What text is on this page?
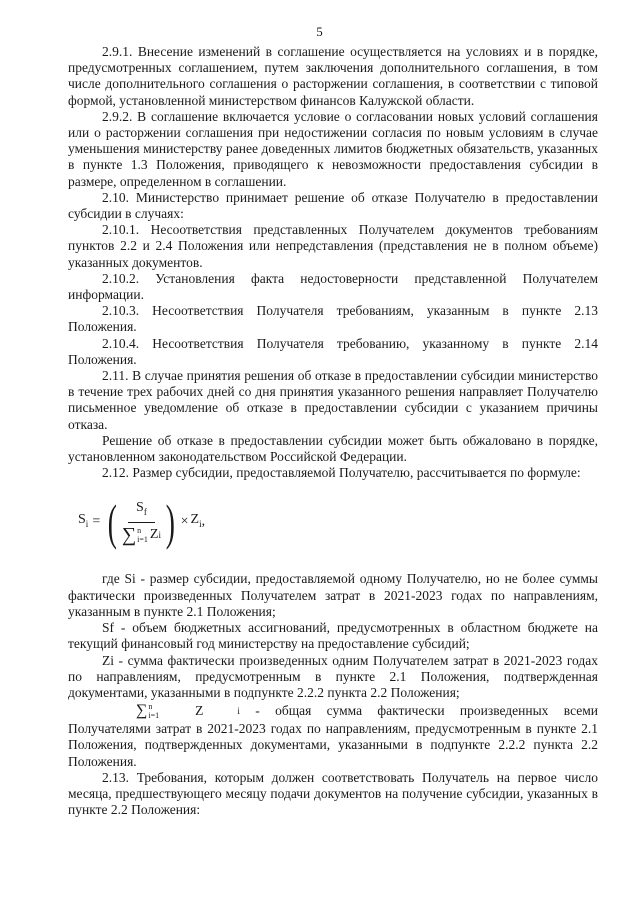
5

2.9.1. Внесение изменений в соглашение осуществляется на условиях и в порядке, предусмотренных соглашением, путем заключения дополнительного соглашения, в том числе дополнительного соглашения о расторжении соглашения, в соответствии с типовой формой, установленной министерством финансов Калужской области.

2.9.2. В соглашение включается условие о согласовании новых условий соглашения или о расторжении соглашения при недостижении согласия по новым условиям в случае уменьшения министерству ранее доведенных лимитов бюджетных обязательств, указанных в пункте 1.3 Положения, приводящего к невозможности предоставления субсидии в размере, определенном в соглашении.

2.10. Министерство принимает решение об отказе Получателю в предоставлении субсидии в случаях:

2.10.1. Несоответствия представленных Получателем документов требованиям пунктов 2.2 и 2.4 Положения или непредставления (представления не в полном объеме) указанных документов.

2.10.2. Установления факта недостоверности представленной Получателем информации.

2.10.3. Несоответствия Получателя требованиям, указанным в пункте 2.13 Положения.

2.10.4. Несоответствия Получателя требованию, указанному в пункте 2.14 Положения.

2.11. В случае принятия решения об отказе в предоставлении субсидии министерство в течение трех рабочих дней со дня принятия указанного решения направляет Получателю письменное уведомление об отказе в предоставлении субсидии с указанием причины отказа.

Решение об отказе в предоставлении субсидии может быть обжаловано в порядке, установленном законодательством Российской Федерации.

2.12. Размер субсидии, предоставляемой Получателю, рассчитывается по формуле:

$S_i$ = (	$S_f$
∑ n
i=1 Z i ) × $Z_i$ ,

где Si - размер субсидии, предоставляемой одному Получателю, но не более суммы фактически произведенных Получателем затрат в 2021-2023 годах по направлениям, указанным в пункте 2.1 Положения;

Sf - объем бюджетных ассигнований, предусмотренных в областном бюджете на текущий финансовый год министерству на предоставление субсидий;

Zi - сумма фактически произведенных одним Получателем затрат в 2021-2023 годах по направлениям, предусмотренным в пункте 2.1 Положения, подтвержденная документами, указанными в подпункте 2.2.2 пункта 2.2 Положения;

∑ n
i=1	Z	i - общая сумма фактически произведенных всеми Получателями затрат в 2021-2023 годах по направлениям, предусмотренным в пункте 2.1 Положения, подтвержденных документами, указанными в подпункте 2.2.2 пункта 2.2 Положения.

2.13. Требования, которым должен соответствовать Получатель на первое число месяца, предшествующего месяцу подачи документов на получение субсидии, указанных в пункте 2.2 Положения:
